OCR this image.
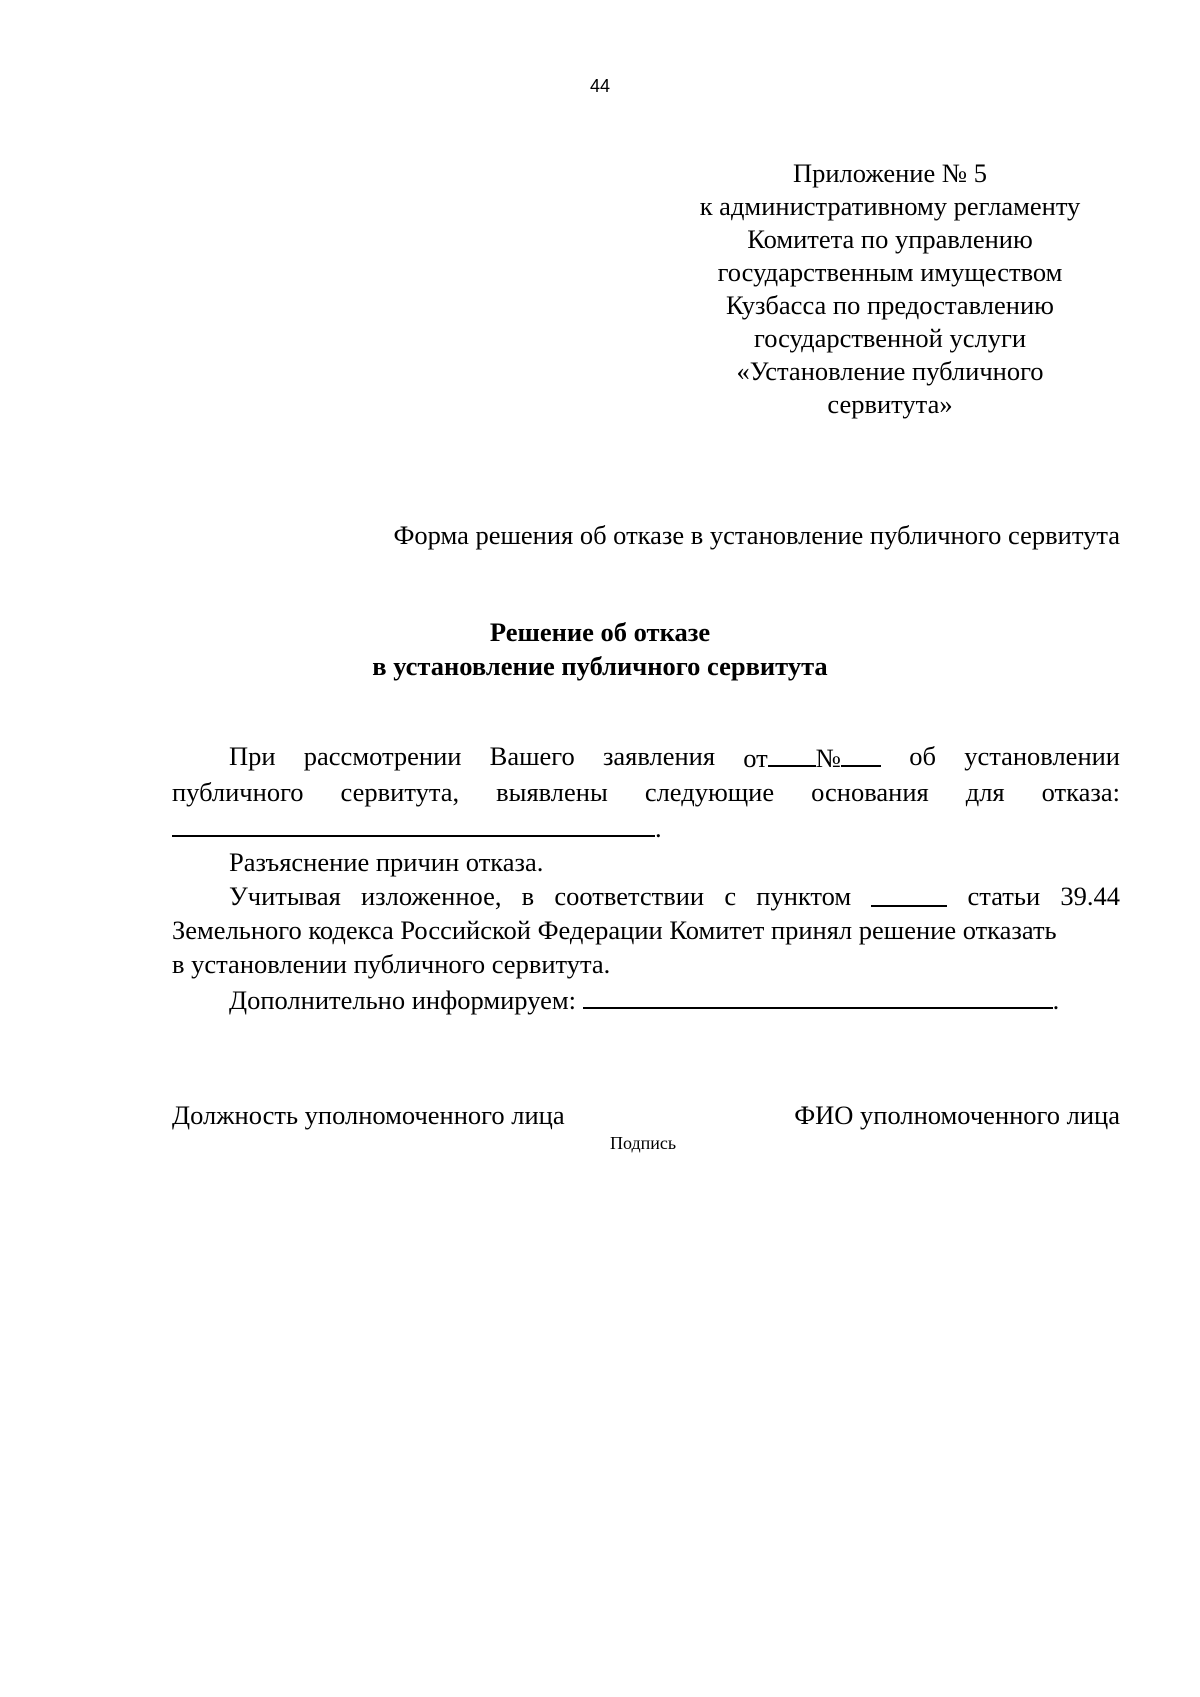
44
Приложение № 5
к административному регламенту
Комитета по управлению
государственным имуществом
Кузбасса по предоставлению
государственной услуги
«Установление публичного
сервитута»
Форма решения об отказе в установление публичного сервитута
Решение об отказе
в установление публичного сервитута
При рассмотрении Вашего заявления от №	об установлении
публичного сервитута, выявлены следующие основания для отказа:
.
Разъяснение причин отказа.
Учитывая изложенное, в соответствии с пунктом	статьи 39.44
Земельного кодекса Российской Федерации Комитет принял решение отказать
в установлении публичного сервитута.
Дополнительно информируем:	.
Должность уполномоченного лица	ФИО уполномоченного лица
Подпись
